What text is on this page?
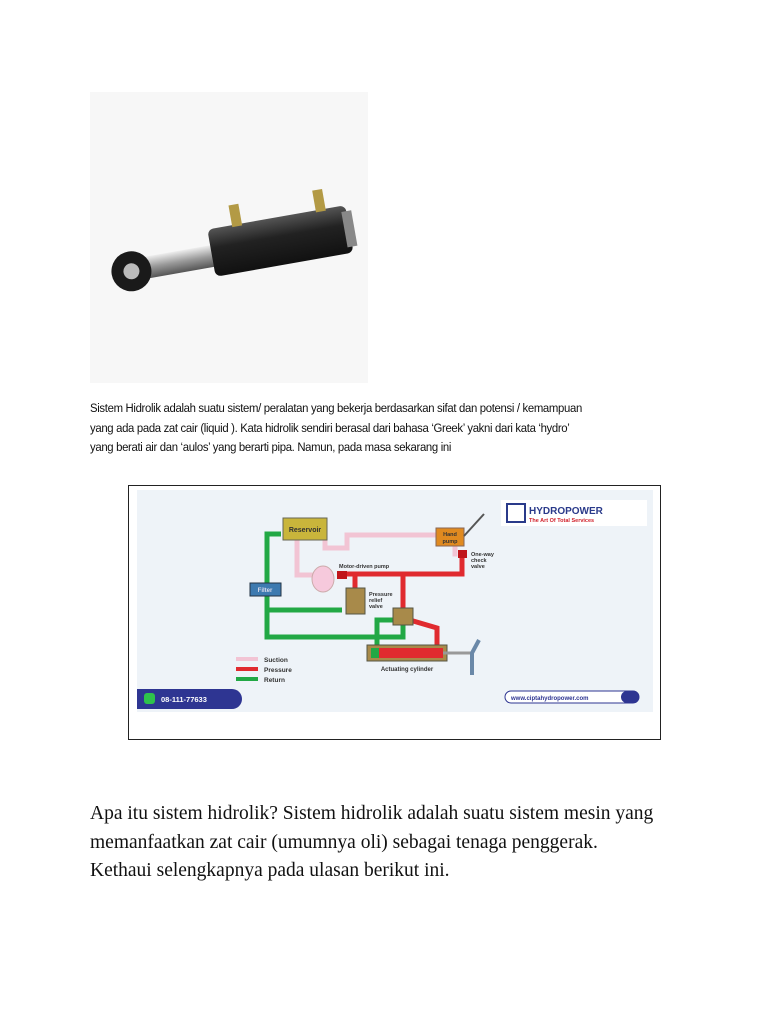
Sistem Hidrolik adalah suatu sistem/ peralatan yang bekerja berdasarkan sifat dan potensi / kemampuan
yang ada pada zat cair (liquid ). Kata hidrolik sendiri berasal dari bahasa ‘Greek’ yakni dari kata ‘hydro’
yang berati air dan ‘aulos’ yang berarti pipa. Namun, pada masa sekarang ini
Reservoir
Hand
pump
One-way
check
valve
Motor-driven pump
Filter
Pressure
relief
valve
Actuating cylinder
Suction
Pressure
Return
HYDROPOWER
The Art Of Total Services
08-111-77633	www.ciptahydropower.com
Apa itu sistem hidrolik? Sistem hidrolik adalah suatu sistem mesin yang
memanfaatkan zat cair (umumnya oli) sebagai tenaga penggerak.
Kethaui selengkapnya pada ulasan berikut ini.
